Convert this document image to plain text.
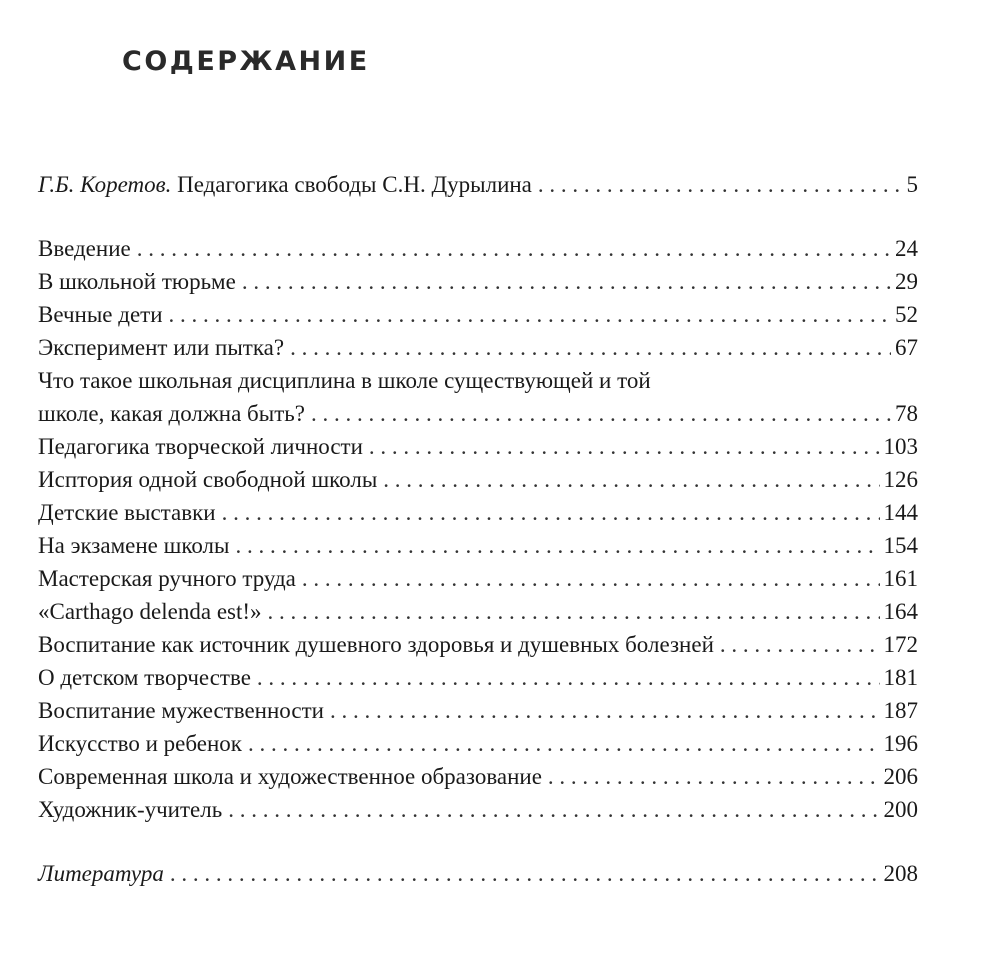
СОДЕРЖАНИЕ
Г.Б. Коретов. Педагогика свободы С.Н. Дурылина . . .	5
Введение . . .	24
В школьной тюрьме . . .	29
Вечные дети . . .	52
Эксперимент или пытка? . . .	67
Что такое школьная дисциплина в школе существующей и той
школе, какая должна быть? . . .	78
Педагогика творческой личности . . .	103
Исптория одной свободной школы . . .	126
Детские выставки . . .	144
На экзамене школы . . .	154
Мастерская ручного труда . . .	161
«Carthago delenda est!» . . .	164
Воспитание как источник душевного здоровья и душевных болезней . . .	172
О детском творчестве . . .	181
Воспитание мужественности . . .	187
Искусство и ребенок . . .	196
Современная школа и художественное образование . . .	206
Художник-учитель . . .	200
Литература . . .	208
